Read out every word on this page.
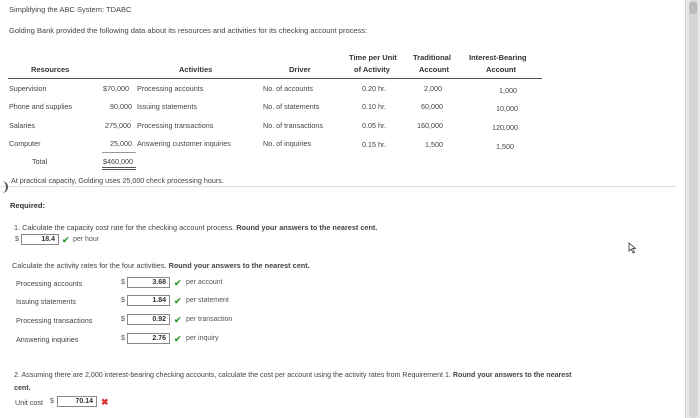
Simplifying the ABC System: TDABC
Golding Bank provided the following data about its resources and activities for its checking account process:
Time per Unit Traditional Interest-Bearing
Resources	Activities	Driver	of Activity	Account	Account
Supervision	$70,000 Processing accounts	No. of accounts	0.20 hr.	2,000	1,000
Phone and supplies	90,000 Issuing statements	No. of statements	0.10 hr.	60,000	10,000
Salaries	275,000 Processing transactions	No. of transactions	0.05 hr.	160,000	120,000
Computer	25,000 Answering customer inquiries	No. of inquiries	0.15 hr.	1,500	1,500
Total	$460,000
At practical capacity, Golding uses 25,000 check processing hours.
Required:
1. Calculate the capacity cost rate for the checking account process. Round your answers to the nearest cent.
$	18.4 ✔ per hour
Calculate the activity rates for the four activities. Round your answers to the nearest cent.
Processing accounts	$	3.68 ✔ per account
Issuing statements	$	1.84 ✔ per statement
Processing transactions	$	0.92 ✔ per transaction
Answering inquiries	$	2.76 ✔ per inquiry
2. Assuming there are 2,000 interest-bearing checking accounts, calculate the cost per account using the activity rates from Requirement 1. Round your answers to the nearest
cent.
Unit cost $	70.14 ✖
